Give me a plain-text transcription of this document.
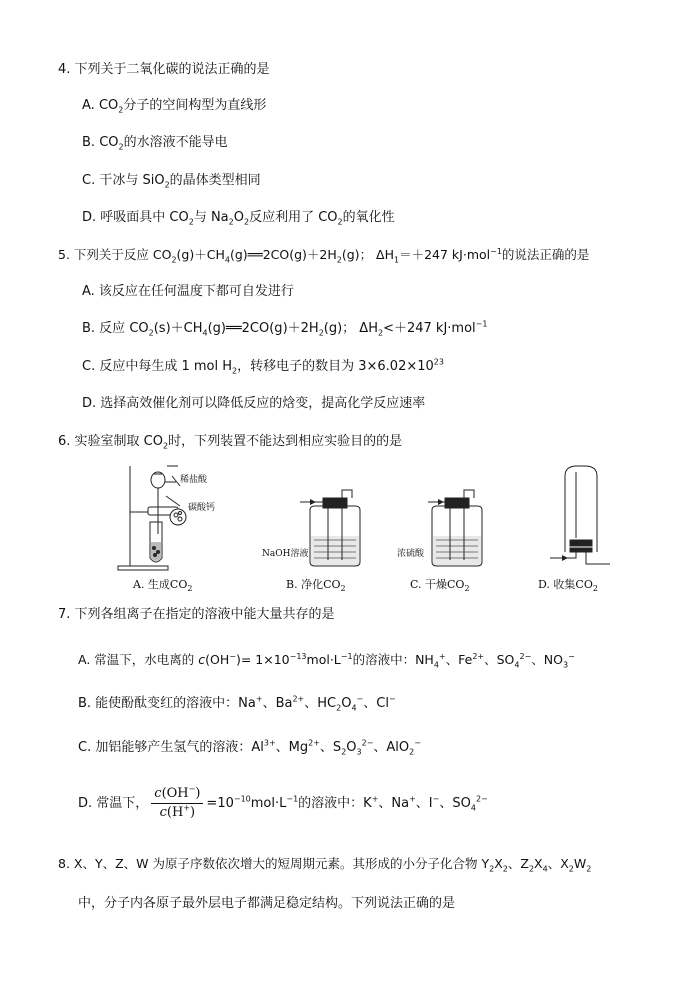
4. 下列关于二氧化碳的说法正确的是
A. $CO_2$分子的空间构型为直线形
B. $CO_2$的水溶液不能导电
C. 干冰与 SiO$_2$的晶体类型相同
D. 呼吸面具中 $CO_2$与 $Na_2O_2$反应利用了 $CO_2$的氧化性
5. 下列关于反应 $CO_2(g)+CH_4(g)══2CO(g)+2H_2(g)$； $\Delta H_1=+247$ kJ·mol$^{-1}$的说法正确的是
A. 该反应在任何温度下都可自发进行
B. 反应 $CO_2(s)+CH_4(g)══2CO(g)+2H_2(g)$； $\Delta H_2<+247$ kJ·mol$^{-1}$
C. 反应中每生成 1 mol $H_2$，转移电子的数目为 $3\times 6.02\times 10^{23}$
D. 选择高效催化剂可以降低反应的焓变，提高化学反应速率
6. 实验室制取 $CO_2$时，下列装置不能达到相应实验目的的是
稀盐酸
碳酸钙
NaOH溶液	浓硫酸
A. 生成$CO_2$	B. 净化$CO_2$	C. 干燥$CO_2$	D. 收集$CO_2$
7. 下列各组离子在指定的溶液中能大量共存的是
A. 常温下，水电离的 $c(OH^-)= 1\times 10^{-13}mol\cdot L^{-1}$的溶液中：$NH_4^+$、$Fe^{2+}$、$SO_4^{2-}$、$NO_3^-$
B. 能使酚酞变红的溶液中：Na+、$Ba^{2+}$、$HC_2O_4^-$、Cl−
C. 加铝能够产生氢气的溶液：$Al^{3+}$、$Mg^{2+}$、$S_2O_3^{2-}$、AlO$_2$−
D. 常温下， $\frac{c(OH^-)}{c(H^+)} =10^{-10}mol\cdot L^{-1}$的溶液中：K+、Na+、I−、$SO_4^{2-}$
8. X、Y、Z、W 为原子序数依次增大的短周期元素。其形成的小分子化合物 $Y_2X_2$、$Z_2X_4$、$X_2W_2$
中，分子内各原子最外层电子都满足稳定结构。下列说法正确的是
